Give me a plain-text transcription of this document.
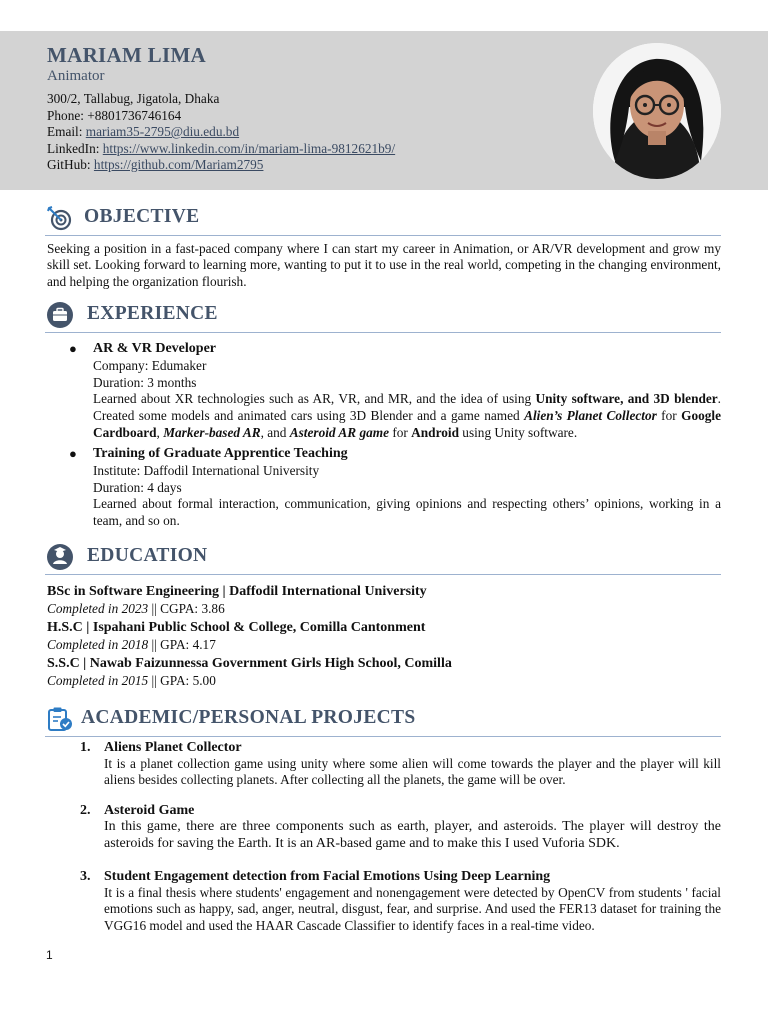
MARIAM LIMA
Animator
300/2, Tallabug, Jigatola, Dhaka
Phone: +8801736746164
Email: mariam35-2795@diu.edu.bd
LinkedIn: https://www.linkedin.com/in/mariam-lima-9812621b9/
GitHub: https://github.com/Mariam2795
OBJECTIVE
Seeking a position in a fast-paced company where I can start my career in Animation, or AR/VR development and grow my skill set. Looking forward to learning more, wanting to put it to use in the real world, competing in the changing environment, and helping the organization flourish.
EXPERIENCE
● AR & VR Developer
Company: Edumaker
Duration: 3 months
Learned about XR technologies such as AR, VR, and MR, and the idea of using Unity software, and 3D blender. Created some models and animated cars using 3D Blender and a game named Alien’s Planet Collector for Google Cardboard, Marker-based AR, and Asteroid AR game for Android using Unity software.
● Training of Graduate Apprentice Teaching
Institute: Daffodil International University
Duration: 4 days
Learned about formal interaction, communication, giving opinions and respecting others’ opinions, working in a team, and so on.
EDUCATION
BSc in Software Engineering | Daffodil International University
Completed in 2023 || CGPA: 3.86
H.S.C | Ispahani Public School & College, Comilla Cantonment
Completed in 2018 || GPA: 4.17
S.S.C | Nawab Faizunnessa Government Girls High School, Comilla
Completed in 2015 || GPA: 5.00
ACADEMIC/PERSONAL PROJECTS
1. Aliens Planet Collector
It is a planet collection game using unity where some alien will come towards the player and the player will kill aliens besides collecting planets. After collecting all the planets, the game will be over.
2. Asteroid Game
In this game, there are three components such as earth, player, and asteroids. The player will destroy the asteroids for saving the Earth. It is an AR-based game and to make this I used Vuforia SDK.
3. Student Engagement detection from Facial Emotions Using Deep Learning
It is a final thesis where students' engagement and nonengagement were detected by OpenCV from students ' facial emotions such as happy, sad, anger, neutral, disgust, fear, and surprise. And used the FER13 dataset for training the VGG16 model and used the HAAR Cascade Classifier to identify faces in a real-time video.
1
